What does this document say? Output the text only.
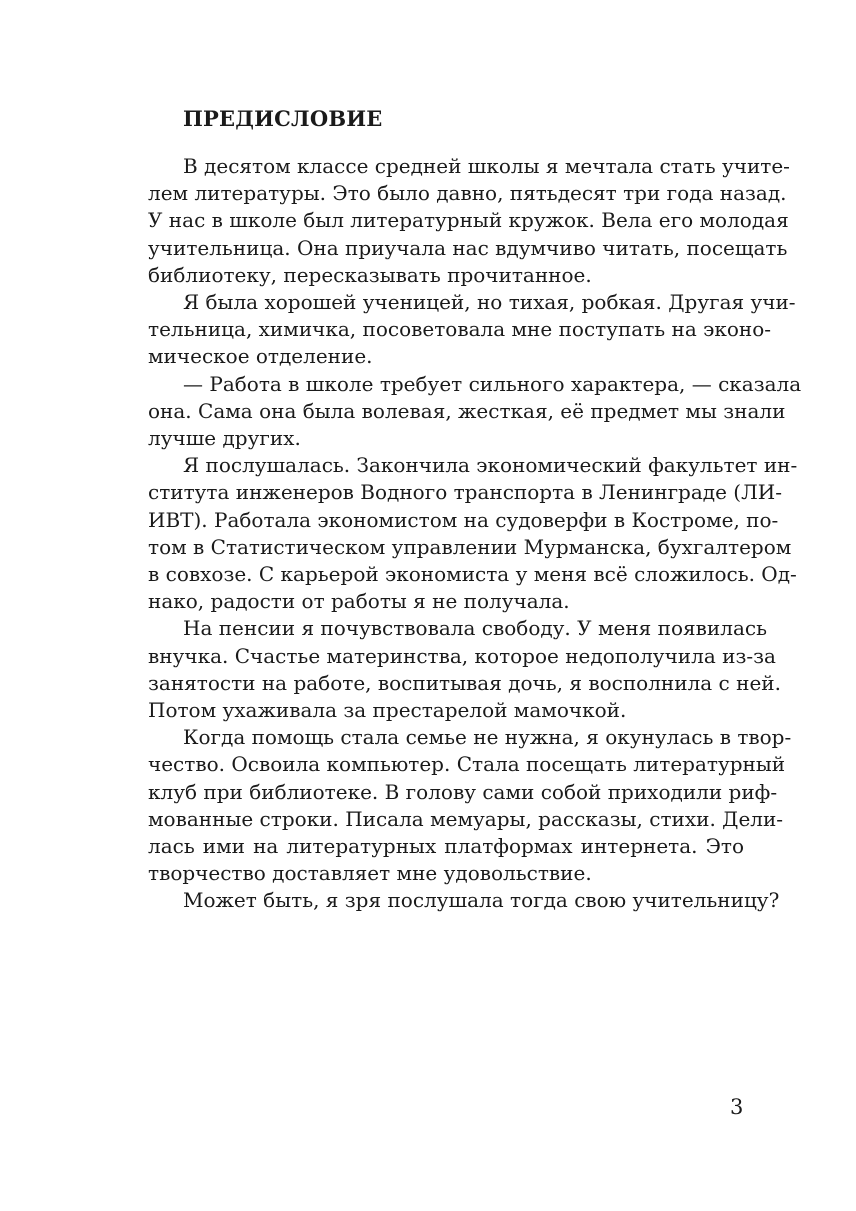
ПРЕДИСЛОВИЕ

В десятом классе средней школы я мечтала стать учите-
лем литературы. Это было давно, пятьдесят три года назад.
У нас в школе был литературный кружок. Вела его молодая
учительница. Она приучала нас вдумчиво читать, посещать
библиотеку, пересказывать прочитанное.

Я была хорошей ученицей, но тихая, робкая. Другая учи-
тельница, химичка, посоветовала мне поступать на эконо-
мическое отделение.

— Работа в школе требует сильного характера, — сказала
она. Сама она была волевая, жесткая, её предмет мы знали
лучше других.

Я послушалась. Закончила экономический факультет ин-
ститута инженеров Водного транспорта в Ленинграде (ЛИ-
ИВТ). Работала экономистом на судоверфи в Костроме, по-
том в Статистическом управлении Мурманска, бухгалтером
в совхозе. С карьерой экономиста у меня всё сложилось. Од-
нако, радости от работы я не получала.

На пенсии я почувствовала свободу. У меня появилась
внучка. Счастье материнства, которое недополучила из-за
занятости на работе, воспитывая дочь, я восполнила с ней.
Потом ухаживала за престарелой мамочкой.

Когда помощь стала семье не нужна, я окунулась в твор-
чество. Освоила компьютер. Стала посещать литературный
клуб при библиотеке. В голову сами собой приходили риф-
мованные строки. Писала мемуары, рассказы, стихи. Дели-
лась ими на литературных платформах интернета. Это
творчество доставляет мне удовольствие.

Может быть, я зря послушала тогда свою учительницу?

3
